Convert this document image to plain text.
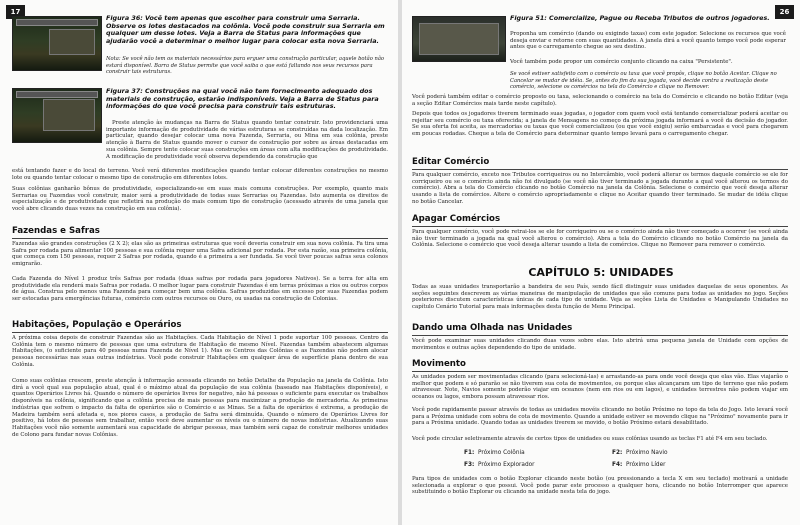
17
Figura 36: Você tem apenas que escolher para construir uma Serraria. Observe os lotes destacados na colônia. Você pode construir sua Serraria em qualquer um desse lotes. Veja a Barra de Status para informações que ajudarão você a determinar o melhor lugar para colocar esta nova Serraria.
Nota: Se você não tem os materiais necessários para erguer uma construção particular, aquele botão não estará disponível. Barra de Status permite que você saiba o que está faltando nos seus recursos para construir tais estruturas.
Figura 37: Construções na qual você não tem fornecimento adequado dos materiais de construção, estarão indisponíveis. Veja a Barra de Status para informações do que você precisa para construir tais estruturas.
Preste atenção às mudanças na Barra de Status quando tentar construir. Isto providenciará uma importante informação de produtividade de várias estruturas se construídas na dada localização. Em particular, quando desejar colocar uma nova Fazenda, Serraria, ou Mina em sua colônia, preste atenção à Barra de Status quando mover o cursor de construção por sobre as áreas destacadas em sua colônia. Sempre tente colocar suas construções em áreas com alta modificações de produtividade. A modificação de produtividade você observa dependendo da construção que
está tentando fazer e do local do terreno. Você verá diferentes modificações quando tentar colocar diferentes construções no mesmo lote ou quando tentar colocar o mesmo tipo de construção em diferentes lotes.
Suas colônias ganharão bônus de produtividade, especializando-se em suas mais comuns construções. Por exemplo, quanto mais Serrarias ou Fazendas você construir, maior será a produtividade de todas suas Serrarias ou Fazendas. Isto aumenta os direitos de especialização e de produtividade que refletirá na produção do mais comum tipo de construção (acessado através de uma janela que você abre clicando duas vezes na construção em sua colônia).
Fazendas e Safras
Fazendas são grandes construções (2 X 2); elas são as primeiras estruturas que você deveria construir em sua nova colônia. Fa tira uma Safra por rodada para alimentar 100 pessoas e sua colônia requer uma Safra adicional por rodada. Por esta razão, sua primeira colônia, que começa com 150 pessoas, requer 2 Safras por rodada, quando é a primeira a ser fundada. Se você tiver poucas safras seus colonos emigrarão.
Cada Fazenda do Nível 1 produz três Safras por rodada (duas safras por rodada para jogadores Nativos). Se a terra for alta em produtividade ela renderá mais Safras por rodada. O melhor lugar para construir Fazendas é em terras próximas a rios ou outros corpos de água. Construa pelo menos uma Fazenda para começar bem uma colônia. Safras produzidas em excesso por suas Fazendas podem ser estocadas para emergências futuras, comércio com outros recursos ou Ouro, ou usadas na construção de Colonias.
Habitações, População e Operários
A próxima coisa depois de construir Fazendas são as Habitações. Cada Habitação de Nível 1 pode suportar 100 pessoas. Centro da Colônia tem o mesmo número de pessoas que uma estrutura de Habitação de mesmo Nível. Fazendas também abastecem algumas Habitações, (o suficiente para 40 pessoas numa Fazenda de Nível 1). Mas os Centros das Colônias e as Fazendas não podem alocar pessoas necessárias nas suas outras indústrias. Você pode construir Habitações em qualquer área de superfície plana dentro de sua Colônia.
Como suas colônias crescem, preste atenção à informação acessada clicando no botão Detalhe da População na janela da Colônia. Isto dirá a você qual sua população atual, qual é o máximo atual da população de sua colônia (baseado nas Habitações disponíveis), e quantos Operários Livres há. Quando o número de operários livres for negativo, não há pessoas o suficiente para executar os trabalhos disponíveis na colônia, significando que a colônia precisa de mais pessoas para maximizar a produção de mercadoria. As primeiras indústrias que sofrem o impacto da falta de operários são o Comércio e as Minas. Se a falta de operários é extrema, a produção de Madeira também será afetada e, nos piores casos, a produção de Safra será diminuída. Quando o número de Operários Livres for positivo, há lotes de pessoas sem trabalhar, então você deve aumentar os níveis ou o número de novas indústrias. Atualizando suas Habitações você não somente aumentará sua capacidade de abrigar pessoas, mas também será capaz de construir melhores unidades de Colono para fundar novas Colônias.
26
Figura 51: Comercialize, Pague ou Receba Tributos de outros jogadores.
Proponha um comércio (dando ou exigindo taxas) com este jogador. Selecione os recursos que você deseja enviar e retorne com suas quantidades. A janela dirá a você quanto tempo você pode esperar antes que o carregamento chegue ao seu destino.
Você também pode propor um comércio conjunto clicando na caixa "Persistente".
Se você estiver satisfeito com o comércio ou taxa que você propôs, clique no botão Aceitar. Clique no Cancelar se mudar de idéia. Se, antes do fim da sua jogada, você decide contra a realização deste comércio, selecione os comércios na tela do Comércio e clique no Remover.
Você poderá também editar o comércio proposto ou taxa, selecionando o comércio na tela do Comércio e clicando no botão Editar (veja a seção Editar Comércios mais tarde neste capítulo).
Depois que todos os jogadores tiverem terminado suas jogadas, o jogador com quem você está tentando comercializar poderá aceitar ou rejeitar seu comércio ou taxa oferecida; a janela de Mensagens no começo da próxima jogada informará a você da decisão do jogador. Se sua oferta foi aceita, as mercadorias ou taxas que você comercializou (ou que você exigiu) serão embarcadas e você para chegarem em poucas rodadas. Cheque a tela de Comércio para determinar quanto tempo levará para o carregamento chegar.
Editar Comércio
Para qualquer comércio, exceto nos Tributos corriqueiros ou no Intercâmbio, você poderá alterar os termos daquele comércio se ele for corriqueiro ou se o comércio ainda não foi divulgado (se você não tiver terminado a jogada durante a qual você alterou os termos do comércio). Abra a tela do Comércio clicando no botão Comércio na janela da Colônia. Selecione o comércio que você deseja alterar usando a lista de comércios. Altere o comércio apropriadamente e clique no Aceitar quando tiver terminado. Se mudar de idéia clique no botão Cancelar.
Apagar Comércios
Para qualquer comércio, você pode retrai-los se ele for corriqueiro ou se o comércio ainda não tiver começado a ocorrer (se você ainda não tiver terminado a jogada na qual você alterou o comércio). Abra a tela do Comércio clicando no botão Comércio na janela da Colônia. Selecione o comércio que você deseja alterar usando a lista de comércios. Clique no Remover para remover o comércio.
CAPÍTULO 5: UNIDADES
Todas as suas unidades transportarão a bandeira de seu País, sendo fácil distinguir suas unidades daquelas de seus oponentes. As seções seguintes descrevem as várias maneiras de manipulação de unidades que são comuns para todas as unidades no jogo. Seções posteriores discutem características únicas de cada tipo de unidade. Veja as seções Lista de Unidades e Manipulando Unidades no capítulo Cenário Tutorial para mais informações desta função de Menu Principal.
Dando uma Olhada nas Unidades
Você pode examinar suas unidades clicando duas vezes sobre elas. Isto abrirá uma pequena janela de Unidade com opções de movimentos e outras ações dependendo do tipo de unidade.
Movimento
As unidades podem ser movimentadas clicando (para selecioná-las) e arrastando-as para onde você deseja que elas vão. Elas viajarão o melhor que podem e só pararão se não tiverem sua cota de movimentos, ou porque elas alcançaram um tipo de terreno que não podem atravessar. Note, Navios somente poderão viajar em oceanos (nem em rios ou em lagos), e unidades terrestres não podem viajar em oceanos ou lagos, embora possam atravessar rios.
Você pode rapidamente passar através de todas as unidades movéis clicando no botão Próximo no topo da tela do Jogo. Isto levará você para a Próxima unidade com sobra de cota de movimento. Quando a unidade estiver se movendo clique na "Próximo" novamente para ir para a Próxima unidade. Quando todas as unidades tiverem se movido, o botão Próximo estará desabilitado.
Você pode circular seletivamente através de certos tipos de unidades ou suas colônias usando as teclas F1 até F4 em seu teclado.
F1: Próximo Colônia	F2: Próximo Navio
F3: Próximo Explorador	F4: Próximo Líder
Para tipos de unidades com o botão Explorar clicando neste botão (ou pressionando a tecla X em seu teclado) motivará a unidade selecionada a explorar o que possui. Você pode parar este processo a qualquer hora, clicando no botão Interromper que aparece substituindo o botão Explorar ou clicando na unidade nesta tela do jogo.
